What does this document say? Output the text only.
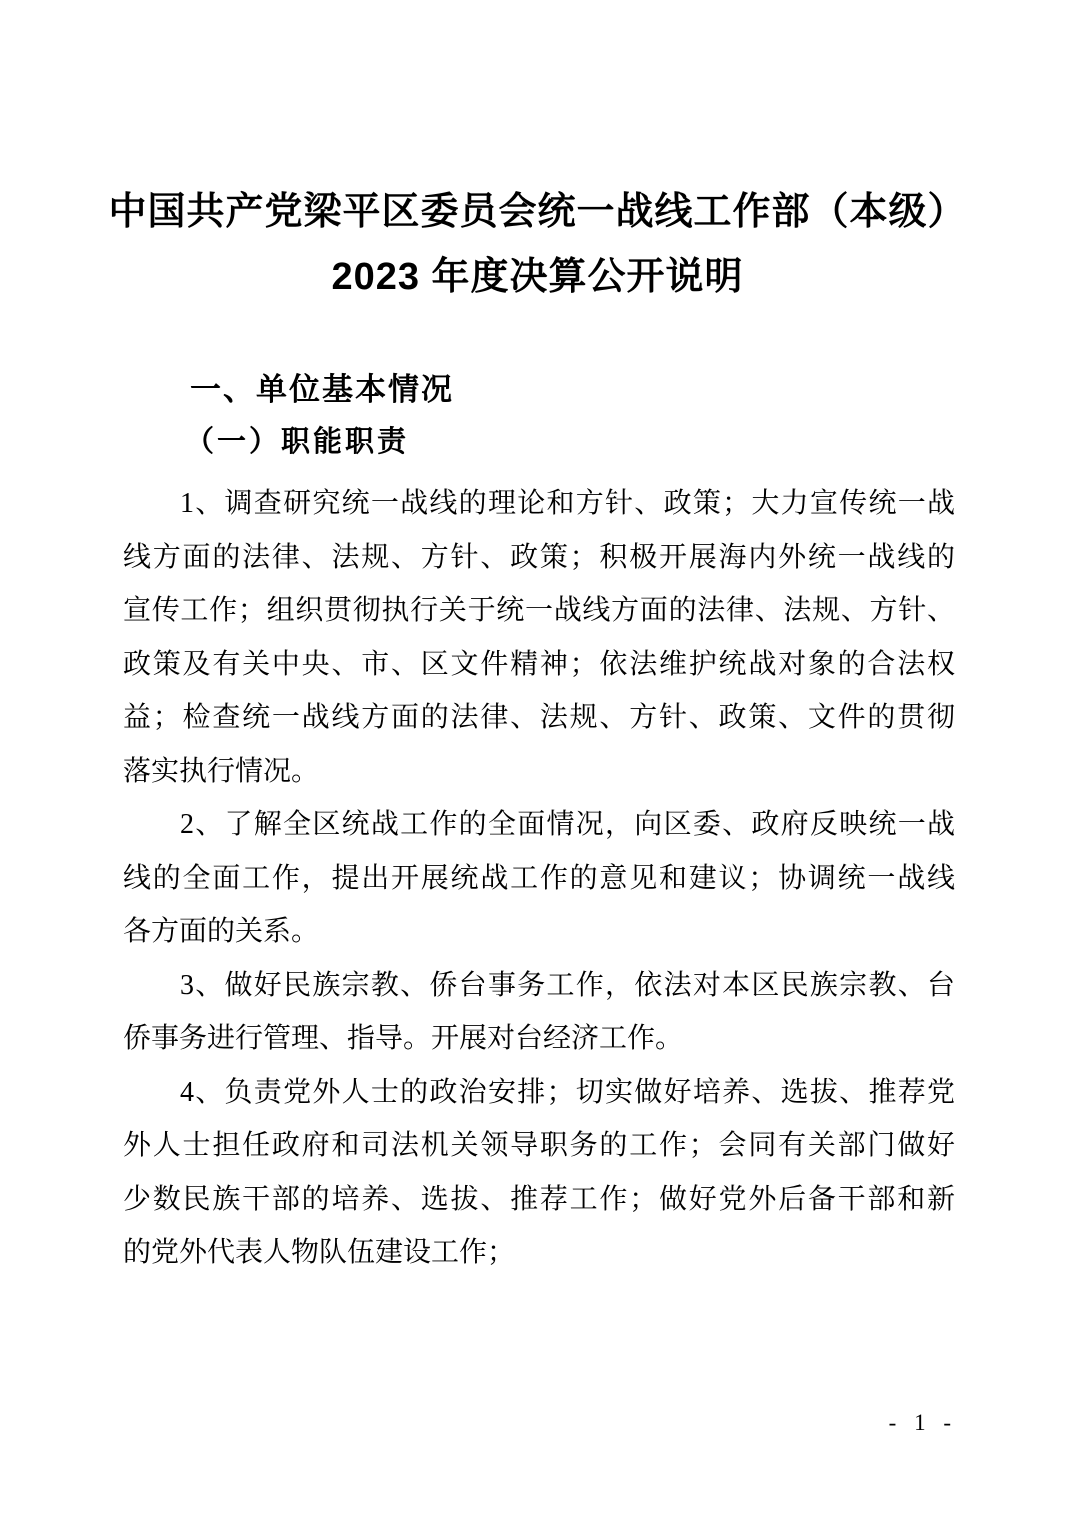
中国共产党梁平区委员会统一战线工作部（本级）
2023 年度决算公开说明
一、单位基本情况
（一）职能职责
1、调查研究统一战线的理论和方针、政策；大力宣传统一战
线方面的法律、法规、方针、政策；积极开展海内外统一战线的
宣传工作；组织贯彻执行关于统一战线方面的法律、法规、方针、
政策及有关中央、市、区文件精神；依法维护统战对象的合法权
益；检查统一战线方面的法律、法规、方针、政策、文件的贯彻
落实执行情况。
2、了解全区统战工作的全面情况，向区委、政府反映统一战
线的全面工作，提出开展统战工作的意见和建议；协调统一战线
各方面的关系。
3、做好民族宗教、侨台事务工作，依法对本区民族宗教、台
侨事务进行管理、指导。开展对台经济工作。
4、负责党外人士的政治安排；切实做好培养、选拔、推荐党
外人士担任政府和司法机关领导职务的工作；会同有关部门做好
少数民族干部的培养、选拔、推荐工作；做好党外后备干部和新
的党外代表人物队伍建设工作；
- 1 -
